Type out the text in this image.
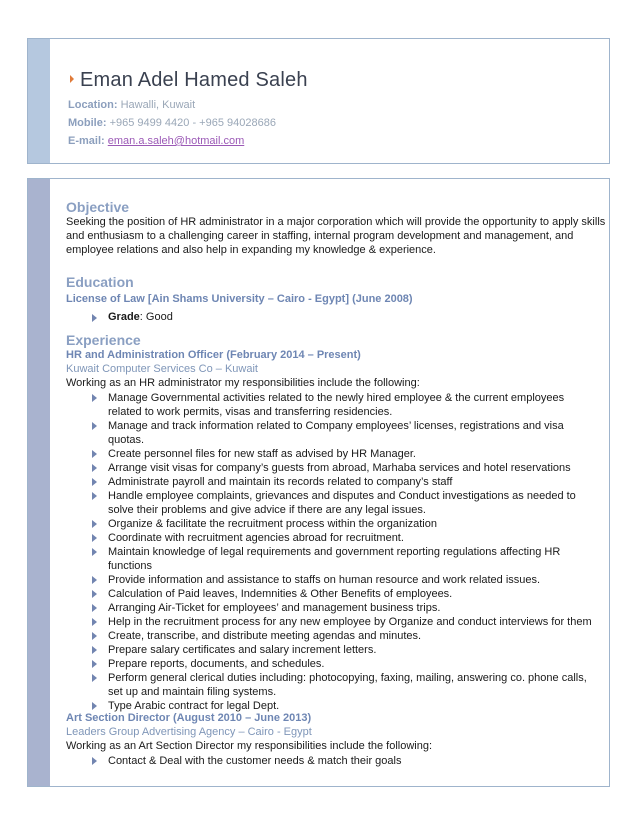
Eman Adel Hamed Saleh
Location: Hawalli, Kuwait
Mobile: +965 9499 4420 - +965 94028686
E-mail: eman.a.saleh@hotmail.com
Objective
Seeking the position of HR administrator in a major corporation which will provide the opportunity to apply skills and enthusiasm to a challenging career in staffing, internal program development and management, and employee relations and also help in expanding my knowledge & experience.
Education
License of Law [Ain Shams University – Cairo - Egypt] (June 2008)
Grade: Good
Experience
HR and Administration Officer (February 2014 – Present)
Kuwait Computer Services Co – Kuwait
Working as an HR administrator my responsibilities include the following:
Manage Governmental activities related to the newly hired employee & the current employees related to work permits, visas and transferring residencies.
Manage and track information related to Company employees’ licenses, registrations and visa quotas.
Create personnel files for new staff as advised by HR Manager.
Arrange visit visas for company’s guests from abroad, Marhaba services and hotel reservations
Administrate payroll and maintain its records related to company’s staff
Handle employee complaints, grievances and disputes and Conduct investigations as needed to solve their problems and give advice if there are any legal issues.
Organize & facilitate the recruitment process within the organization
Coordinate with recruitment agencies abroad for recruitment.
Maintain knowledge of legal requirements and government reporting regulations affecting HR functions
Provide information and assistance to staffs on human resource and work related issues.
Calculation of Paid leaves, Indemnities & Other Benefits of employees.
Arranging Air-Ticket for employees’ and management business trips.
Help in the recruitment process for any new employee by Organize and conduct interviews for them
Create, transcribe, and distribute meeting agendas and minutes.
Prepare salary certificates and salary increment letters.
Prepare reports, documents, and schedules.
Perform general clerical duties including: photocopying, faxing, mailing, answering co. phone calls, set up and maintain filing systems.
Type Arabic contract for legal Dept.
Art Section Director (August 2010 – June 2013)
Leaders Group Advertising Agency – Cairo - Egypt
Working as an Art Section Director my responsibilities include the following:
Contact & Deal with the customer needs & match their goals
